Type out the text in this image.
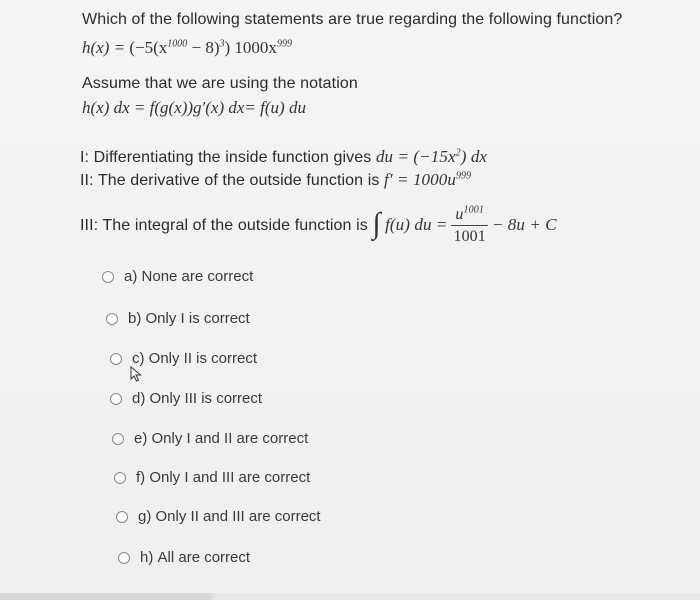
Which of the following statements are true regarding the following function?
$h(x) = (-5(x^{1000} - 8)^3)$ $1000x^{999}$
Assume that we are using the notation
h(x) dx = f(g(x))g′(x) dx= f(u) du
I: Differentiating the inside function gives du = $(-15x^2)$ dx
II: The derivative of the outside function is $f' = 1000u^{999}$
III: The integral of the outside function is ∫ f(u) du = $\frac{u^{1001}}{1001} - 8u + C$
a)
None are correct
b)
Only I is correct
c)
Only II is correct
d)
Only III is correct
e)
Only I and II are correct
f)
Only I and III are correct
g)
Only II and III are correct
h)
All are correct
